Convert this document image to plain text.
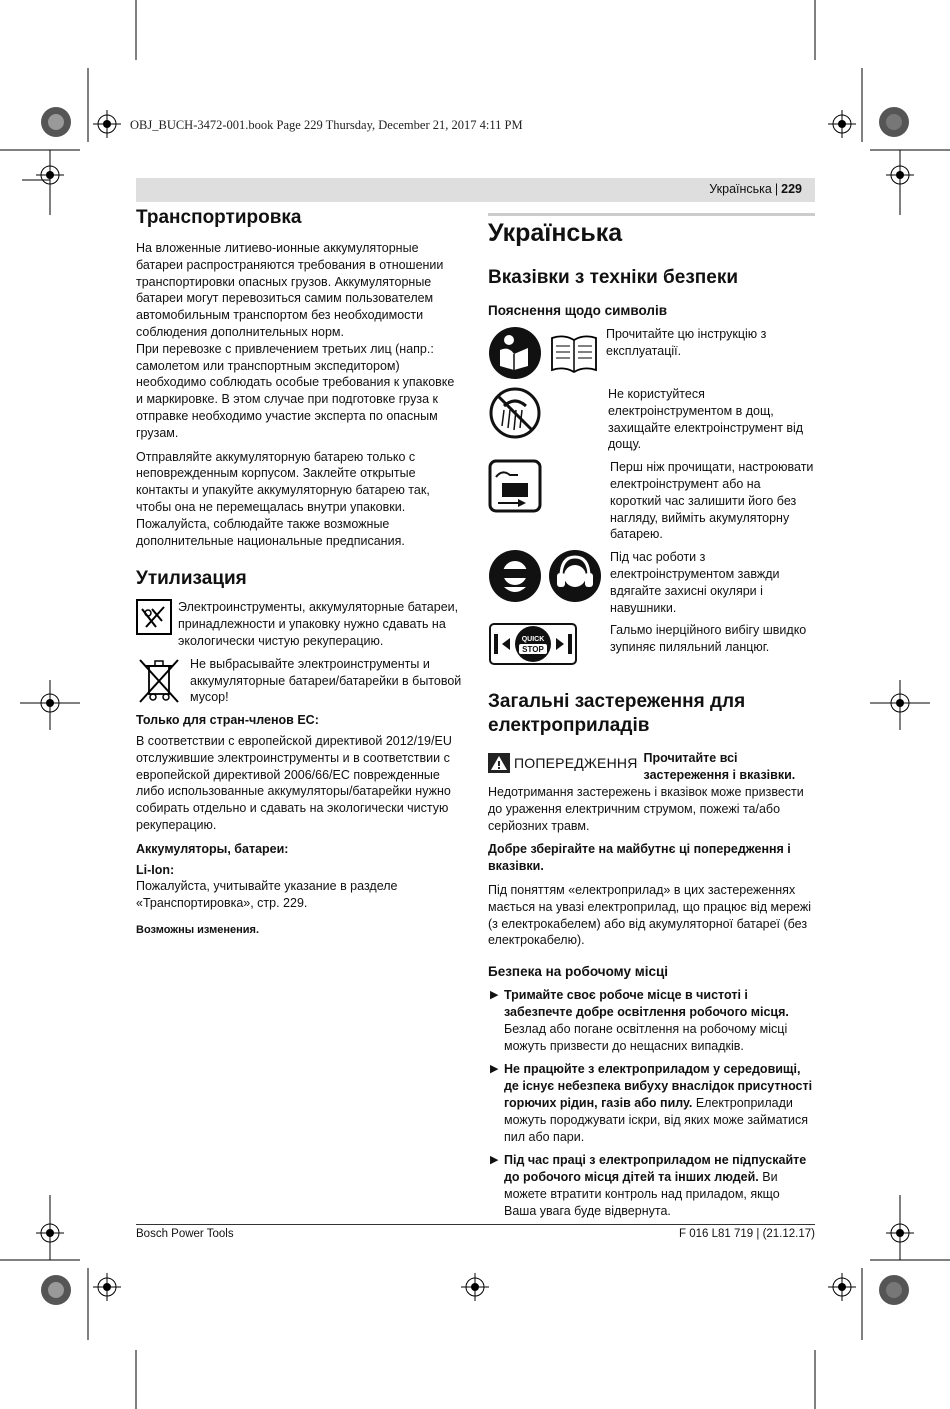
OBJ_BUCH-3472-001.book Page 229 Thursday, December 21, 2017 4:11 PM
Українська | 229
Транспортировка

На вложенные литиево-ионные аккумуляторные батареи распространяются требования в отношении транспортировки опасных грузов. Аккумуляторные батареи могут перевозиться самим пользователем автомобильным транспортом без необходимости соблюдения дополнительных норм.

При перевозке с привлечением третьих лиц (напр.: самолетом или транспортным экспедитором) необходимо соблюдать особые требования к упаковке и маркировке. В этом случае при подготовке груза к отправке необходимо участие эксперта по опасным грузам.

Отправляйте аккумуляторную батарею только с неповрежденным корпусом. Заклейте открытые контакты и упакуйте аккумуляторную батарею так, чтобы она не перемещалась внутри упаковки.

Пожалуйста, соблюдайте также возможные дополнительные национальные предписания.

Утилизация
Электроинструменты, аккумуляторные батареи, принадлежности и упаковку нужно сдавать на экологически чистую рекуперацию.
Не выбрасывайте электроинструменты и аккумуляторные батареи/батарейки в бытовой мусор!
Только для стран-членов ЕС:

В соответствии с европейской директивой 2012/19/EU отслужившие электроинструменты и в соответствии с европейской директивой 2006/66/EC поврежденные либо использованные аккумуляторы/батарейки нужно собирать отдельно и сдавать на экологически чистую рекуперацию.

Аккумуляторы, батареи:
Li-Ion:

Пожалуйста, учитывайте указание в разделе «Транспортировка», стр. 229.

Возможны изменения.
Українська
Вказівки з техніки безпеки
Пояснення щодо символів
Прочитайте цю інструкцію з експлуатації.
Не користуйтеся електроінструментом в дощ, захищайте електроінструмент від дощу.
Перш ніж прочищати, настроювати електроінструмент або на короткий час залишити його без нагляду, вийміть акумуляторну батарею.
Під час роботи з електроінструментом завжди вдягайте захисні окуляри і навушники.
QUICK
STOP
Гальмо інерційного вибігу швидко зупиняє пиляльний ланцюг.
Загальні застереження для електроприладів

ПОПЕРЕДЖЕННЯ Прочитайте всі застереження і вказівки. Недотримання застережень і вказівок може призвести до ураження електричним струмом, пожежі та/або серйозних травм.

Добре зберігайте на майбутнє ці попередження і вказівки.

Під поняттям «електроприлад» в цих застереженнях мається на увазі електроприлад, що працює від мережі (з електрокабелем) або від акумуляторної батареї (без електрокабелю).

Безпека на робочому місці
▶ Тримайте своє робоче місце в чистоті і забезпечте добре освітлення робочого місця. Безлад або погане освітлення на робочому місці можуть призвести до нещасних випадків.
▶ Не працюйте з електроприладом у середовищі, де існує небезпека вибуху внаслідок присутності горючих рідин, газів або пилу. Електроприлади можуть породжувати іскри, від яких може займатися пил або пари.
▶ Під час праці з електроприладом не підпускайте до робочого місця дітей та інших людей. Ви можете втратити контроль над приладом, якщо Ваша увага буде відвернута.
Bosch Power Tools	F 016 L81 719 | (21.12.17)
